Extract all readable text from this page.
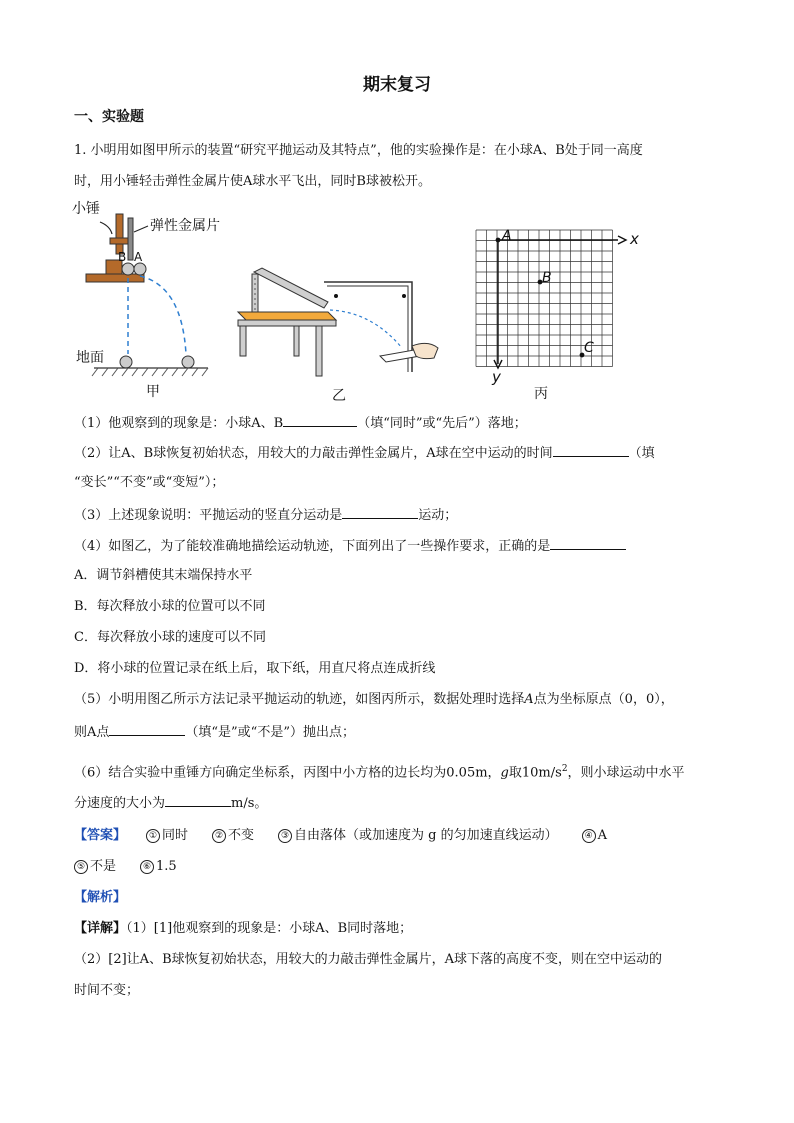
期末复习
一、实验题
1. 小明用如图甲所示的装置“研究平抛运动及其特点”，他的实验操作是：在小球A、B处于同一高度
时，用小锤轻击弹性金属片使A球水平飞出，同时B球被松开。
小锤
弹性金属片
B A
地面
甲	乙
A
B
C
x
y
丙
（1）他观察到的现象是：小球A、B	（填“同时”或“先后”）落地；
（2）让A、B球恢复初始状态，用较大的力敲击弹性金属片，A球在空中运动的时间	（填
“变长”“不变”或“变短”）；
（3）上述现象说明：平抛运动的竖直分运动是	运动；
（4）如图乙，为了能较准确地描绘运动轨迹，下面列出了一些操作要求，正确的是
A．调节斜槽使其末端保持水平
B．每次释放小球的位置可以不同
C．每次释放小球的速度可以不同
D．将小球的位置记录在纸上后，取下纸，用直尺将点连成折线
（5）小明用图乙所示方法记录平抛运动的轨迹，如图丙所示，数据处理时选择A点为坐标原点（0，0），
则A点	（填“是”或“不是”）抛出点；
（6）结合实验中重锤方向确定坐标系，丙图中小方格的边长均为0.05m，g取$10m/s^2$，则小球运动中水平
分速度的大小为	m/s。
【答案】	① 同时	② 不变	③ 自由落体（或加速度为 g 的匀加速直线运动）	④ A
⑤ 不是	⑥ 1.5
【解析】
【详解】（1）[1]他观察到的现象是：小球A、B同时落地；
（2）[2]让A、B球恢复初始状态，用较大的力敲击弹性金属片，A球下落的高度不变，则在空中运动的
时间不变；
